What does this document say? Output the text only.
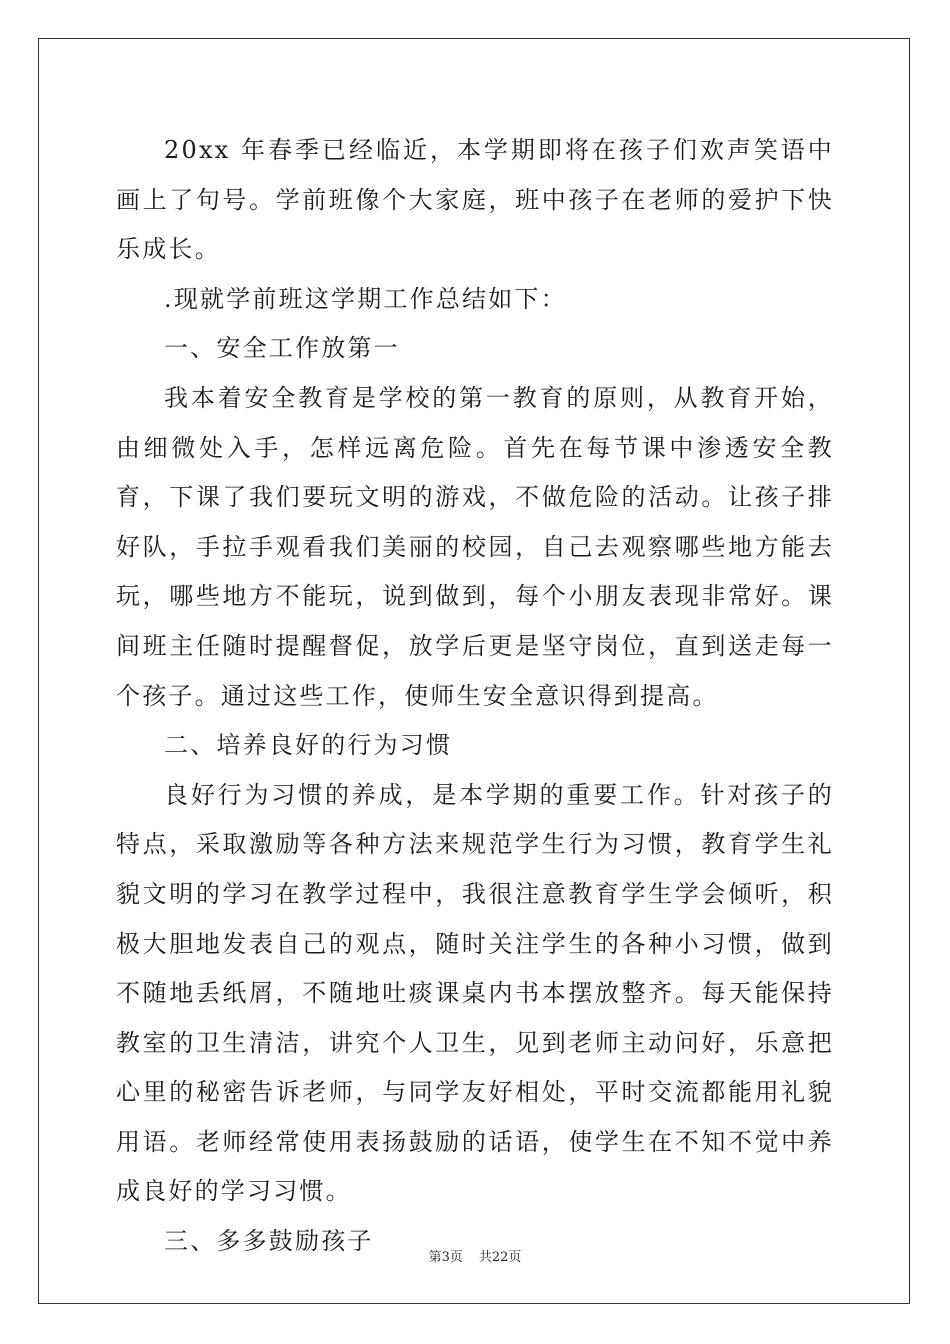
20xx 年春季已经临近，本学期即将在孩子们欢声笑语中画上了句号。学前班像个大家庭，班中孩子在老师的爱护下快乐成长。

.现就学前班这学期工作总结如下：

一、安全工作放第一

我本着安全教育是学校的第一教育的原则，从教育开始，由细微处入手，怎样远离危险。首先在每节课中渗透安全教育，下课了我们要玩文明的游戏，不做危险的活动。让孩子排好队，手拉手观看我们美丽的校园，自己去观察哪些地方能去玩，哪些地方不能玩，说到做到，每个小朋友表现非常好。课间班主任随时提醒督促，放学后更是坚守岗位，直到送走每一个孩子。通过这些工作，使师生安全意识得到提高。

二、培养良好的行为习惯

良好行为习惯的养成，是本学期的重要工作。针对孩子的特点，采取激励等各种方法来规范学生行为习惯，教育学生礼貌文明的学习在教学过程中，我很注意教育学生学会倾听，积极大胆地发表自己的观点，随时关注学生的各种小习惯，做到不随地丢纸屑，不随地吐痰课桌内书本摆放整齐。每天能保持教室的卫生清洁，讲究个人卫生，见到老师主动问好，乐意把心里的秘密告诉老师，与同学友好相处，平时交流都能用礼貌用语。老师经常使用表扬鼓励的话语，使学生在不知不觉中养成良好的学习习惯。

三、多多鼓励孩子

第3页 共22页
